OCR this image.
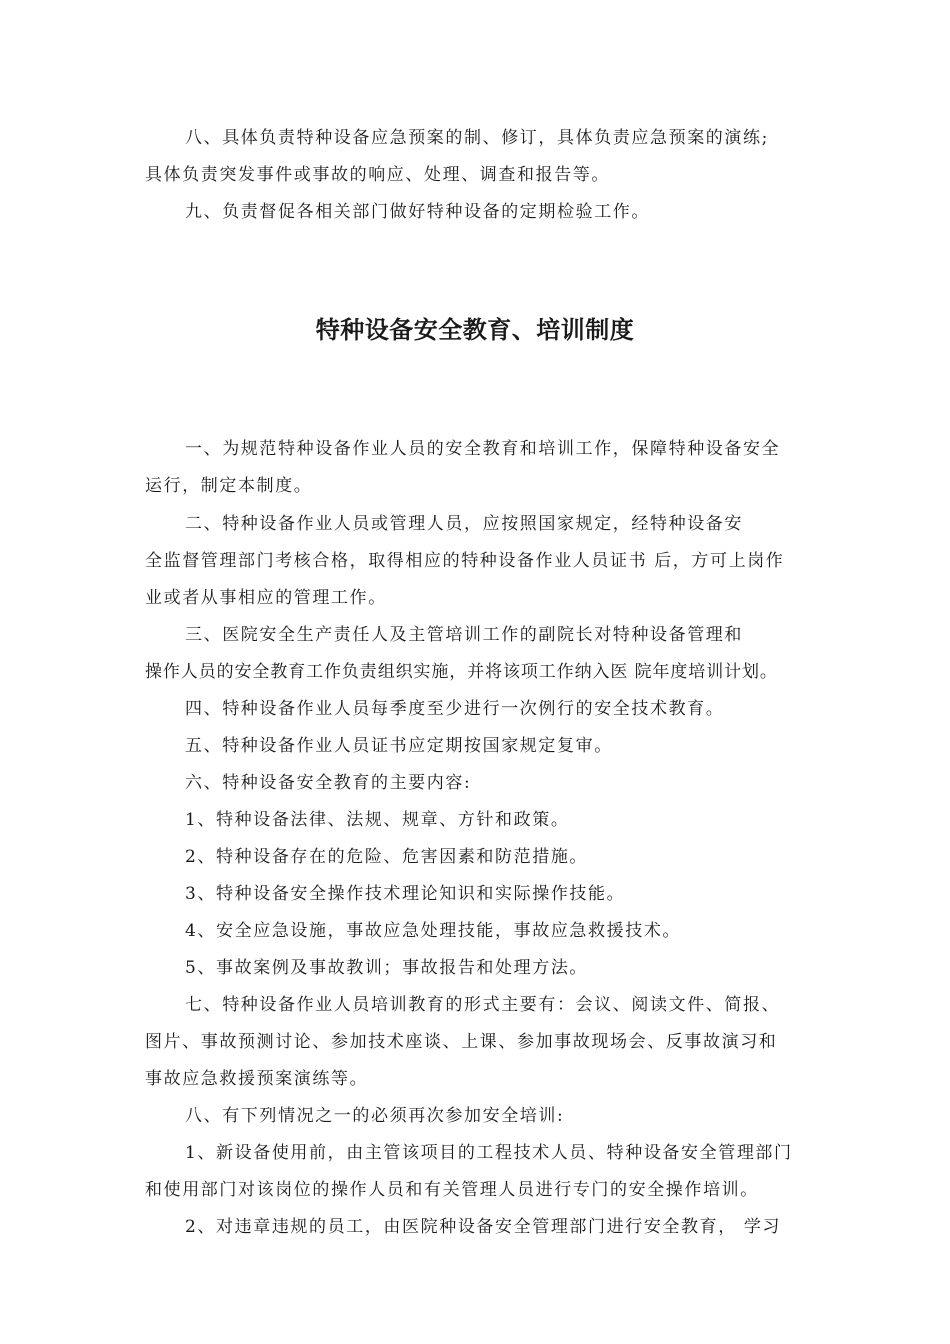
八、具体负责特种设备应急预案的制、修订，具体负责应急预案的演练;
具体负责突发事件或事故的响应、处理、调查和报告等。
九、负责督促各相关部门做好特种设备的定期检验工作。
特种设备安全教育、培训制度
一、为规范特种设备作业人员的安全教育和培训工作，保障特种设备安全
运行，制定本制度。
二、特种设备作业人员或管理人员，应按照国家规定，经特种设备安
全监督管理部门考核合格，取得相应的特种设备作业人员证书 后，方可上岗作
业或者从事相应的管理工作。
三、医院安全生产责任人及主管培训工作的副院长对特种设备管理和
操作人员的安全教育工作负责组织实施，并将该项工作纳入医 院年度培训计划。
四、特种设备作业人员每季度至少进行一次例行的安全技术教育。
五、特种设备作业人员证书应定期按国家规定复审。
六、特种设备安全教育的主要内容:
1、特种设备法律、法规、规章、方针和政策。
2、特种设备存在的危险、危害因素和防范措施。
3、特种设备安全操作技术理论知识和实际操作技能。
4、安全应急设施，事故应急处理技能，事故应急救援技术。
5、事故案例及事故教训；事故报告和处理方法。
七、特种设备作业人员培训教育的形式主要有：会议、阅读文件、简报、
图片、事故预测讨论、参加技术座谈、上课、参加事故现场会、反事故演习和
事故应急救援预案演练等。
八、有下列情况之一的必须再次参加安全培训:
1、新设备使用前，由主管该项目的工程技术人员、特种设备安全管理部门
和使用部门对该岗位的操作人员和有关管理人员进行专门的安全操作培训。
2、对违章违规的员工，由医院种设备安全管理部门进行安全教育， 学习
